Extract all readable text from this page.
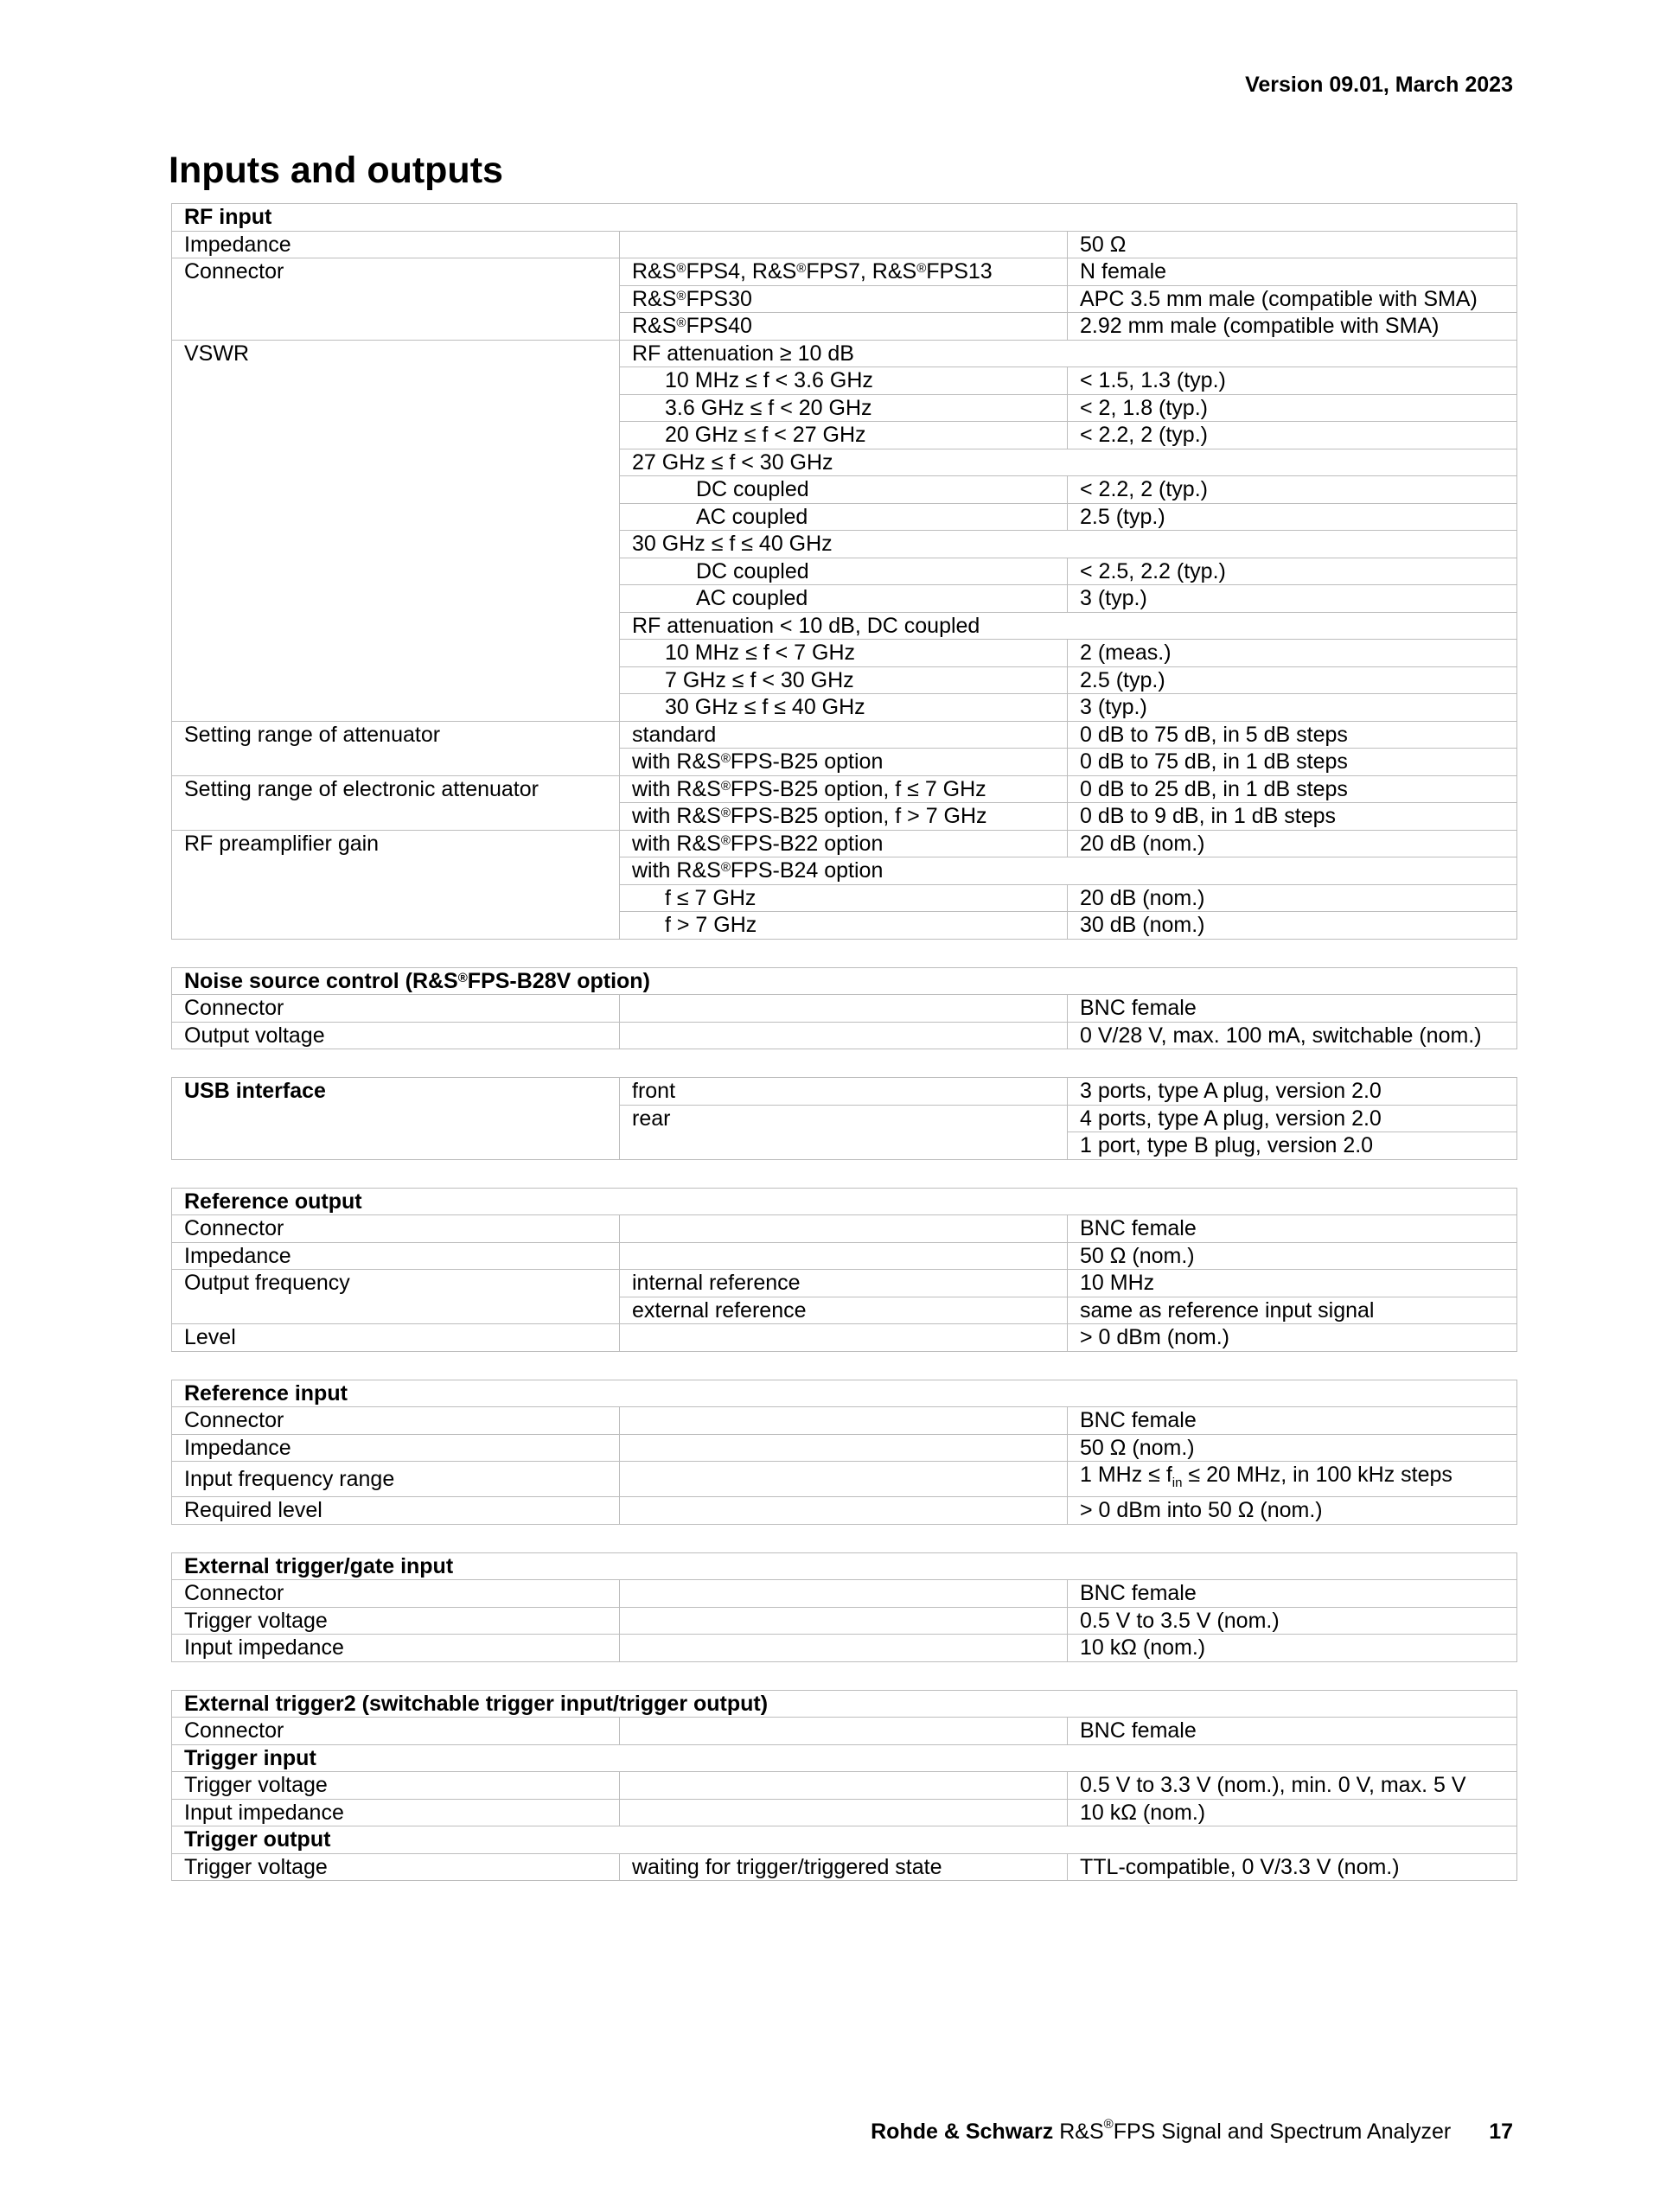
Version 09.01, March 2023
Inputs and outputs
RF input		
Impedance		50 Ω
Connector	R&S®FPS4, R&S®FPS7, R&S®FPS13	N female
	R&S®FPS30	APC 3.5 mm male (compatible with SMA)
	R&S®FPS40	2.92 mm male (compatible with SMA)
VSWR	RF attenuation ≥ 10 dB	
	10 MHz ≤ f < 3.6 GHz	< 1.5, 1.3 (typ.)
	3.6 GHz ≤ f < 20 GHz	< 2, 1.8 (typ.)
	20 GHz ≤ f < 27 GHz	< 2.2, 2 (typ.)
	27 GHz ≤ f < 30 GHz	
	DC coupled	< 2.2, 2 (typ.)
	AC coupled	2.5 (typ.)
	30 GHz ≤ f ≤ 40 GHz	
	DC coupled	< 2.5, 2.2 (typ.)
	AC coupled	3 (typ.)
	RF attenuation < 10 dB, DC coupled	
	10 MHz ≤ f < 7 GHz	2 (meas.)
	7 GHz ≤ f < 30 GHz	2.5 (typ.)
	30 GHz ≤ f ≤ 40 GHz	3 (typ.)
Setting range of attenuator	standard	0 dB to 75 dB, in 5 dB steps
	with R&S®FPS-B25 option	0 dB to 75 dB, in 1 dB steps
Setting range of electronic attenuator	with R&S®FPS-B25 option, f ≤ 7 GHz	0 dB to 25 dB, in 1 dB steps
	with R&S®FPS-B25 option, f > 7 GHz	0 dB to 9 dB, in 1 dB steps
RF preamplifier gain	with R&S®FPS-B22 option	20 dB (nom.)
	with R&S®FPS-B24 option	
	f ≤ 7 GHz	20 dB (nom.)
	f > 7 GHz	30 dB (nom.)
Noise source control (R&S®FPS-B28V option)		
Connector		BNC female
Output voltage		0 V/28 V, max. 100 mA, switchable (nom.)
USB interface	front	3 ports, type A plug, version 2.0
	rear	4 ports, type A plug, version 2.0
		1 port, type B plug, version 2.0
Reference output		
Connector		BNC female
Impedance		50 Ω (nom.)
Output frequency	internal reference	10 MHz
	external reference	same as reference input signal
Level		> 0 dBm (nom.)
Reference input		
Connector		BNC female
Impedance		50 Ω (nom.)
Input frequency range		1 MHz ≤ $f_{in} \le 20$ MHz, in 100 kHz steps
Required level		> 0 dBm into 50 Ω (nom.)
External trigger/gate input		
Connector		BNC female
Trigger voltage		0.5 V to 3.5 V (nom.)
Input impedance		10 kΩ (nom.)
External trigger2 (switchable trigger input/trigger output)		
Connector		BNC female
Trigger input		
Trigger voltage		0.5 V to 3.3 V (nom.), min. 0 V, max. 5 V
Input impedance		10 kΩ (nom.)
Trigger output		
Trigger voltage	waiting for trigger/triggered state	TTL-compatible, 0 V/3.3 V (nom.)
Rohde & Schwarz R&S®FPS Signal and Spectrum Analyzer 17
